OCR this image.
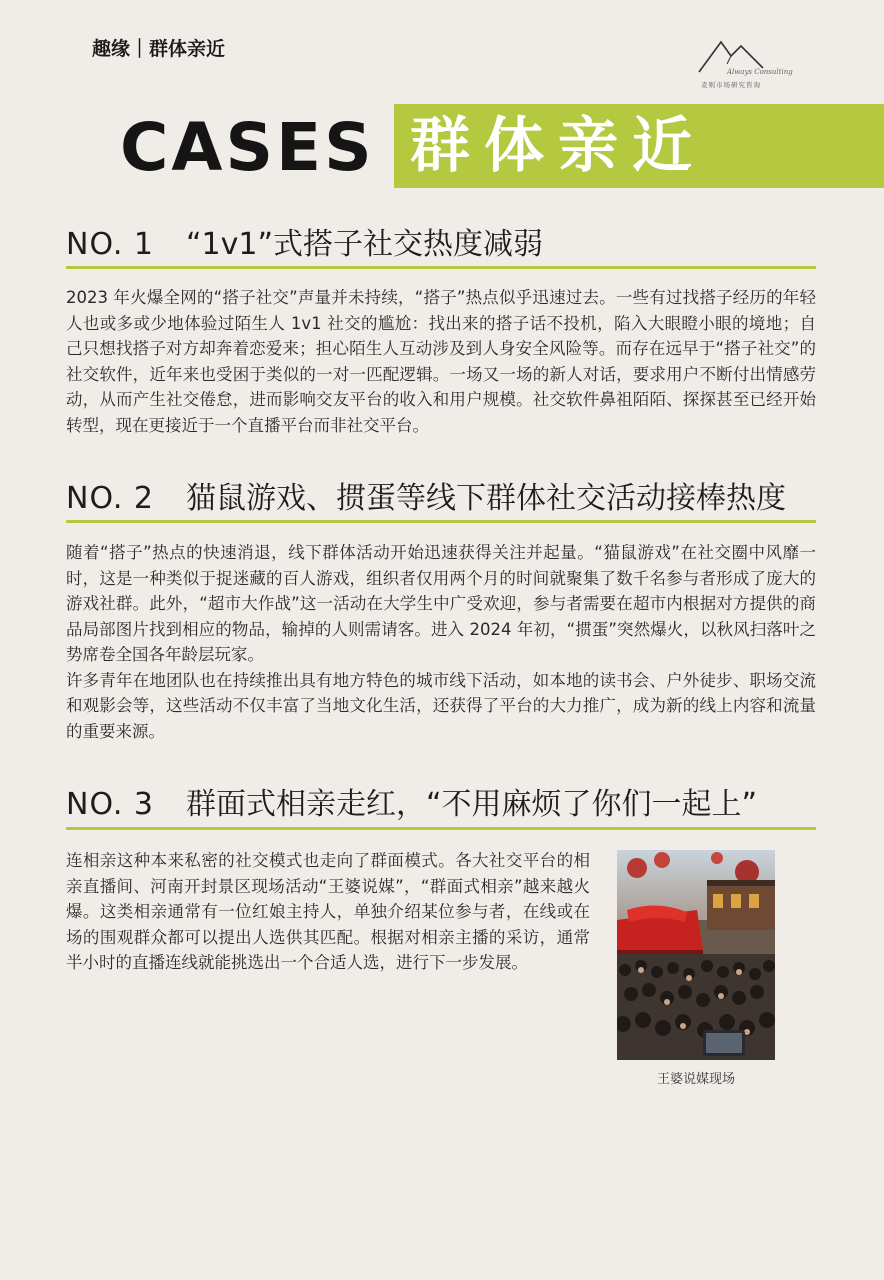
趣缘｜群体亲近
Always Consulting
麦则市场研究咨询
CASES 群体亲近
NO. 1 “1v1”式搭子社交热度减弱

2023 年火爆全网的“搭子社交”声量并未持续，“搭子”热点似乎迅速过去。一些有过找搭子经历的年轻人也或多或少地体验过陌生人 1v1 社交的尴尬：找出来的搭子话不投机，陷入大眼瞪小眼的境地；自己只想找搭子对方却奔着恋爱来；担心陌生人互动涉及到人身安全风险等。而存在远早于“搭子社交”的社交软件，近年来也受困于类似的一对一匹配逻辑。一场又一场的新人对话，要求用户不断付出情感劳动，从而产生社交倦怠，进而影响交友平台的收入和用户规模。社交软件鼻祖陌陌、探探甚至已经开始转型，现在更接近于一个直播平台而非社交平台。

NO. 2 猫鼠游戏、掼蛋等线下群体社交活动接棒热度

随着“搭子”热点的快速消退，线下群体活动开始迅速获得关注并起量。“猫鼠游戏”在社交圈中风靡一时，这是一种类似于捉迷藏的百人游戏，组织者仅用两个月的时间就聚集了数千名参与者形成了庞大的游戏社群。此外，“超市大作战”这一活动在大学生中广受欢迎，参与者需要在超市内根据对方提供的商品局部图片找到相应的物品，输掉的人则需请客。进入 2024 年初，“掼蛋”突然爆火，以秋风扫落叶之势席卷全国各年龄层玩家。

许多青年在地团队也在持续推出具有地方特色的城市线下活动，如本地的读书会、户外徒步、职场交流和观影会等，这些活动不仅丰富了当地文化生活，还获得了平台的大力推广，成为新的线上内容和流量的重要来源。

NO. 3 群面式相亲走红，“不用麻烦了你们一起上”

连相亲这种本来私密的社交模式也走向了群面模式。各大社交平台的相亲直播间、河南开封景区现场活动“王婆说媒”，“群面式相亲”越来越火爆。这类相亲通常有一位红娘主持人，单独介绍某位参与者，在线或在场的围观群众都可以提出人选供其匹配。根据对相亲主播的采访，通常半小时的直播连线就能挑选出一个合适人选，进行下一步发展。

王婆说媒现场
